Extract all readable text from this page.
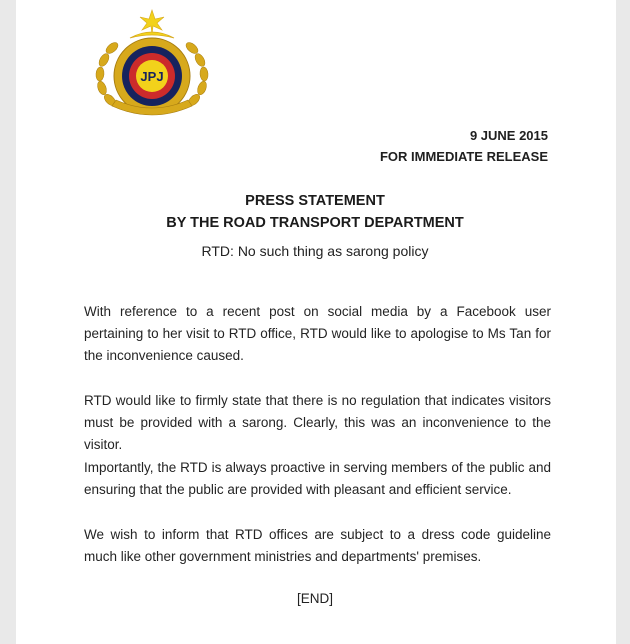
JPJ
9 JUNE 2015
FOR IMMEDIATE RELEASE
PRESS STATEMENT
BY THE ROAD TRANSPORT DEPARTMENT
RTD: No such thing as sarong policy
With reference to a recent post on social media by a Facebook user pertaining to her visit to RTD office, RTD would like to apologise to Ms Tan for the inconvenience caused.
RTD would like to firmly state that there is no regulation that indicates visitors must be provided with a sarong. Clearly, this was an inconvenience to the visitor.
Importantly, the RTD is always proactive in serving members of the public and ensuring that the public are provided with pleasant and efficient service.
We wish to inform that RTD offices are subject to a dress code guideline much like other government ministries and departments' premises.
[END]
